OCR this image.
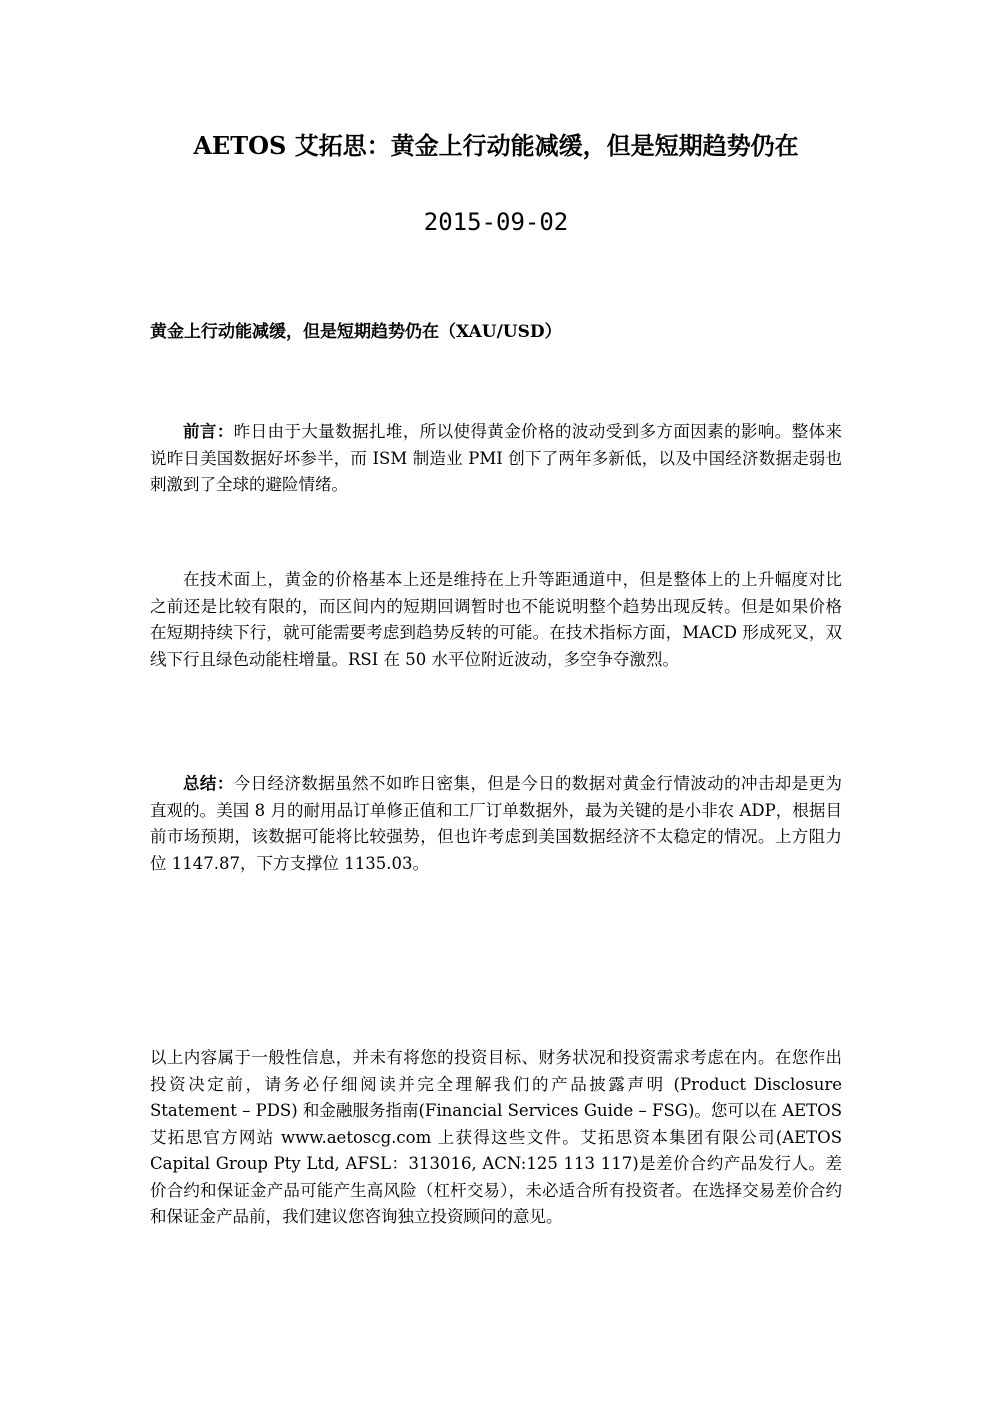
AETOS 艾拓思：黄金上行动能减缓，但是短期趋势仍在
2015-09-02
黄金上行动能减缓，但是短期趋势仍在（XAU/USD）

前言：昨日由于大量数据扎堆，所以使得黄金价格的波动受到多方面因素的影响。整体来说昨日美国数据好坏参半，而 ISM 制造业 PMI 创下了两年多新低，以及中国经济数据走弱也刺激到了全球的避险情绪。

在技术面上，黄金的价格基本上还是维持在上升等距通道中，但是整体上的上升幅度对比之前还是比较有限的，而区间内的短期回调暂时也不能说明整个趋势出现反转。但是如果价格在短期持续下行，就可能需要考虑到趋势反转的可能。在技术指标方面，MACD 形成死叉，双线下行且绿色动能柱增量。RSI 在 50 水平位附近波动，多空争夺激烈。

总结：今日经济数据虽然不如昨日密集，但是今日的数据对黄金行情波动的冲击却是更为直观的。美国 8 月的耐用品订单修正值和工厂订单数据外，最为关键的是小非农 ADP，根据目前市场预期，该数据可能将比较强势，但也许考虑到美国数据经济不太稳定的情况。上方阻力位 1147.87，下方支撑位 1135.03。

以上内容属于一般性信息，并未有将您的投资目标、财务状况和投资需求考虑在内。在您作出投资决定前，请务必仔细阅读并完全理解我们的产品披露声明 (Product Disclosure Statement – PDS) 和金融服务指南(Financial Services Guide – FSG)。您可以在 AETOS 艾拓思官方网站 www.aetoscg.com 上获得这些文件。艾拓思资本集团有限公司(AETOS Capital Group Pty Ltd, AFSL：313016, ACN:125 113 117)是差价合约产品发行人。差价合约和保证金产品可能产生高风险（杠杆交易），未必适合所有投资者。在选择交易差价合约和保证金产品前，我们建议您咨询独立投资顾问的意见。
